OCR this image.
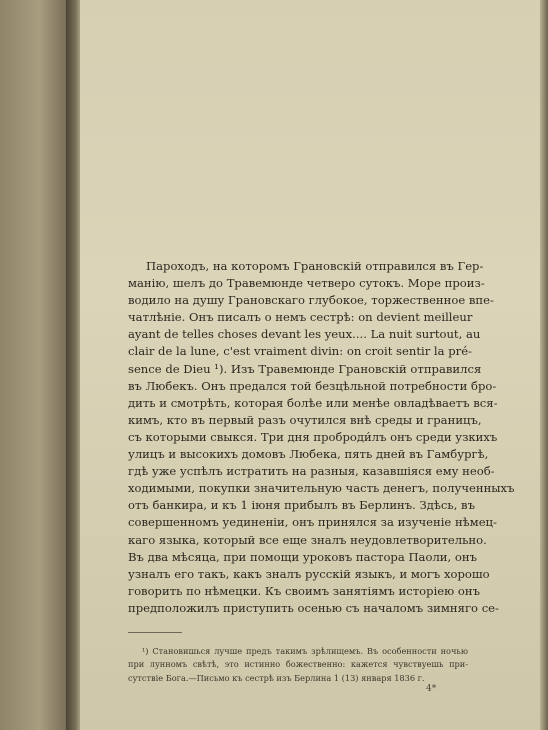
Пароходъ, на которомъ Грановскій отправился въ Гер-
манію, шелъ до Травемюнде четверо сутокъ. Море произ-
водило на душу Грановскаго глубокое, торжественное впе-
чатлѣніе. Онъ писалъ о немъ сестрѣ: on devient meilleur
ayant de telles choses devant les yeux.... La nuit surtout, au
clair de la lune, c'est vraiment divin: on croit sentir la pré-
sence de Dieu ¹). Изъ Травемюнде Грановскій отправился
въ Любекъ. Онъ предался той безцѣльной потребности бро-
дить и смотрѣть, которая болѣе или менѣе овладѣваетъ вся-
кимъ, кто въ первый разъ очутился внѣ среды и границъ,
съ которыми свыкся. Три дня проброди́лъ онъ среди узкихъ
улицъ и высокихъ домовъ Любека, пять дней въ Гамбургѣ,
гдѣ уже успѣлъ истратить на разныя, казавшіяся ему необ-
ходимыми, покупки значительную часть денегъ, полученныхъ
отъ банкира, и къ 1 іюня прибылъ въ Берлинъ. Здѣсь, въ
совершенномъ уединеніи, онъ принялся за изученіе нѣмец-
каго языка, который все еще зналъ неудовлетворительно.
Въ два мѣсяца, при помощи уроковъ пастора Паоли, онъ
узналъ его такъ, какъ зналъ русскій языкъ, и могъ хорошо
говорить по нѣмецки. Къ своимъ занятіямъ исторіею онъ
предположилъ приступить осенью съ началомъ зимняго се-
¹) Становишься лучше предъ такимъ зрѣлищемъ. Въ особенности ночью
при лунномъ свѣтѣ, это истинно божественно: кажется чувствуешь при-
сутствіе Бога.—Письмо къ сестрѣ изъ Берлина 1 (13) января 1836 г.
4*
